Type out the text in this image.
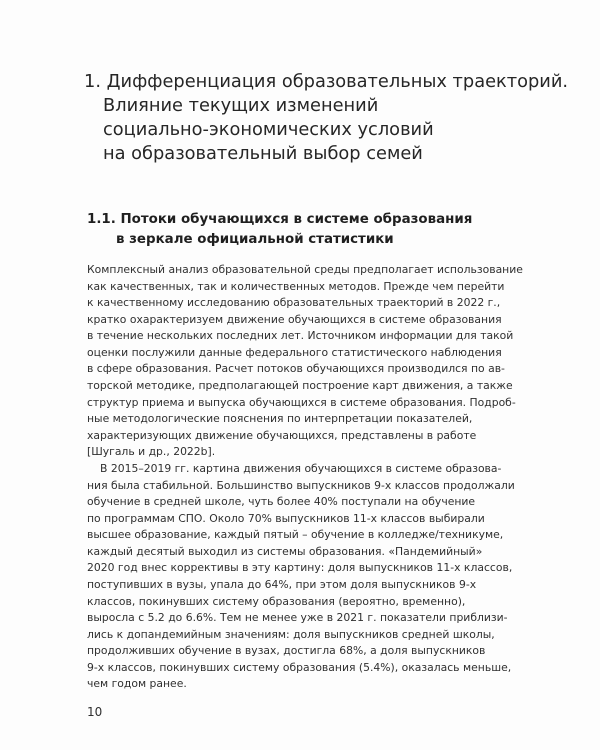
1. Дифференциация образовательных траекторий.
Влияние текущих изменений
социально-экономических условий
на образовательный выбор семей
1.1. Потоки обучающихся в системе образования
в зеркале официальной статистики
Комплексный анализ образовательной среды предполагает использование
как качественных, так и количественных методов. Прежде чем перейти
к качественному исследованию образовательных траекторий в 2022 г.,
кратко охарактеризуем движение обучающихся в системе образования
в течение нескольких последних лет. Источником информации для такой
оценки послужили данные федерального статистического наблюдения
в сфере образования. Расчет потоков обучающихся производился по ав-
торской методике, предполагающей построение карт движения, а также
структур приема и выпуска обучающихся в системе образования. Подроб-
ные методологические пояснения по интерпретации показателей,
характеризующих движение обучающихся, представлены в работе
[Шугаль и др., 2022b].
В 2015–2019 гг. картина движения обучающихся в системе образова-
ния была стабильной. Большинство выпускников 9-х классов продолжали
обучение в средней школе, чуть более 40% поступали на обучение
по программам СПО. Около 70% выпускников 11-х классов выбирали
высшее образование, каждый пятый – обучение в колледже/техникуме,
каждый десятый выходил из системы образования. «Пандемийный»
2020 год внес коррективы в эту картину: доля выпускников 11-х классов,
поступивших в вузы, упала до 64%, при этом доля выпускников 9-х
классов, покинувших систему образования (вероятно, временно),
выросла с 5.2 до 6.6%. Тем не менее уже в 2021 г. показатели приблизи-
лись к допандемийным значениям: доля выпускников средней школы,
продолживших обучение в вузах, достигла 68%, а доля выпускников
9-х классов, покинувших систему образования (5.4%), оказалась меньше,
чем годом ранее.
10
